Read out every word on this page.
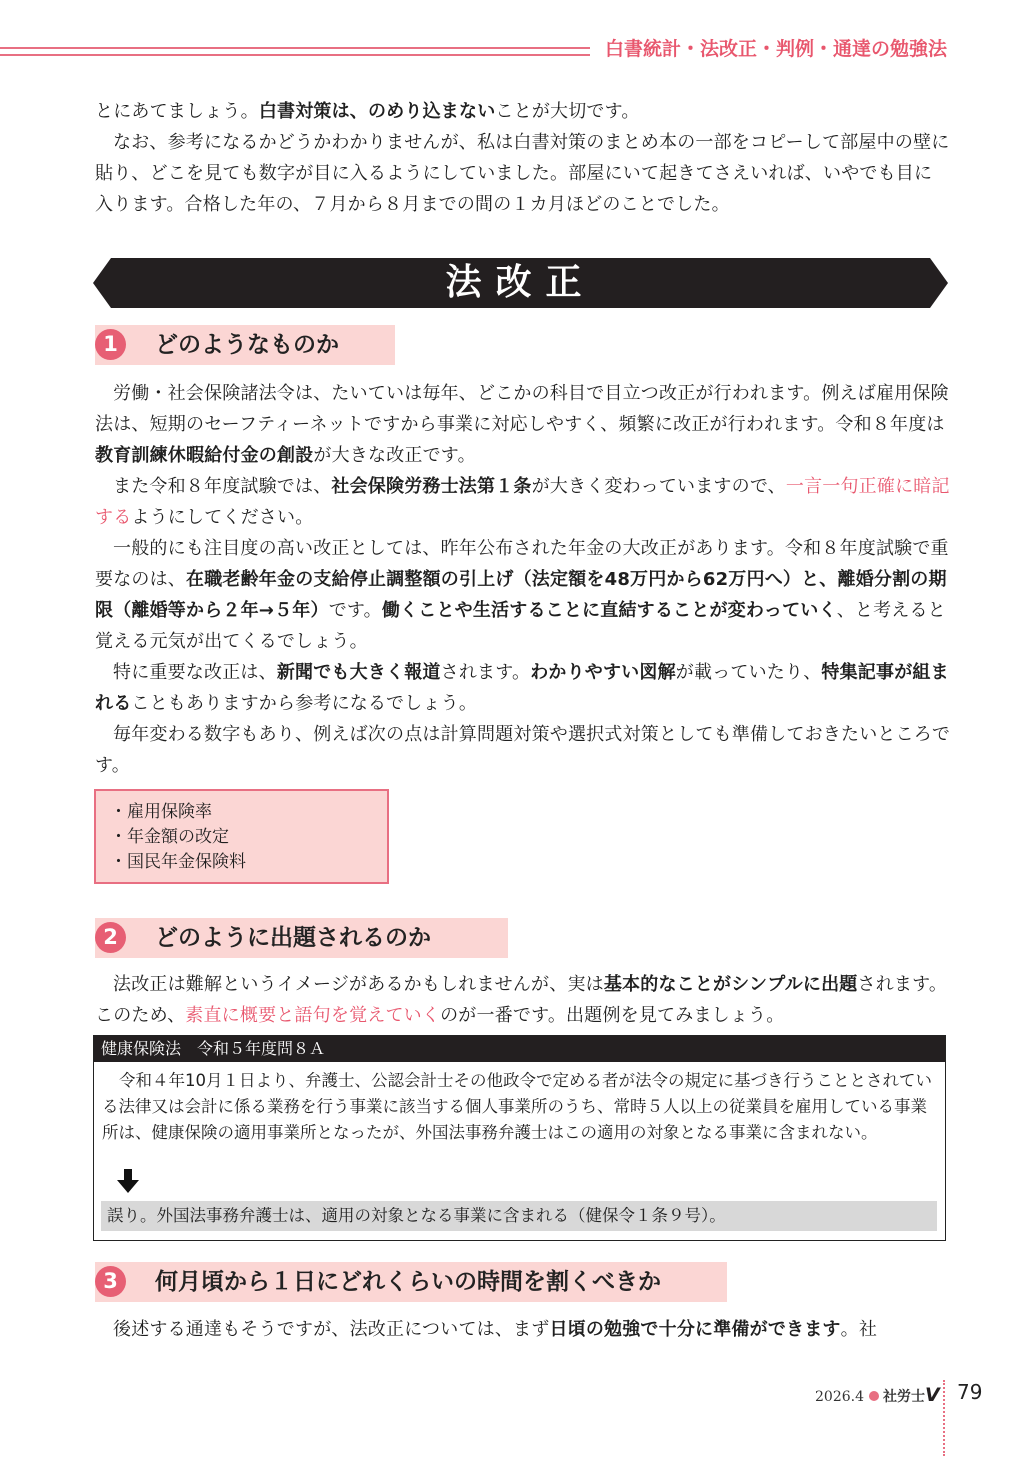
白書統計・法改正・判例・通達の勉強法
とにあてましょう。白書対策は、のめり込まないことが大切です。
なお、参考になるかどうかわかりませんが、私は白書対策のまとめ本の一部をコピーして部屋中の壁に貼り、どこを見ても数字が目に入るようにしていました。部屋にいて起きてさえいれば、いやでも目に入ります。合格した年の、７月から８月までの間の１カ月ほどのことでした。
法改正
1	どのようなものか
労働・社会保険諸法令は、たいていは毎年、どこかの科目で目立つ改正が行われます。例えば雇用保険法は、短期のセーフティーネットですから事業に対応しやすく、頻繁に改正が行われます。令和８年度は教育訓練休暇給付金の創設が大きな改正です。
また令和８年度試験では、社会保険労務士法第１条が大きく変わっていますので、一言一句正確に暗記するようにしてください。
一般的にも注目度の高い改正としては、昨年公布された年金の大改正があります。令和８年度試験で重要なのは、在職老齢年金の支給停止調整額の引上げ（法定額を48万円から62万円へ）と、離婚分割の期限（離婚等から２年→５年）です。働くことや生活することに直結することが変わっていく、と考えると覚える元気が出てくるでしょう。
特に重要な改正は、新聞でも大きく報道されます。わかりやすい図解が載っていたり、特集記事が組まれることもありますから参考になるでしょう。
毎年変わる数字もあり、例えば次の点は計算問題対策や選択式対策としても準備しておきたいところです。
・雇用保険率
・年金額の改定
・国民年金保険料
2	どのように出題されるのか
法改正は難解というイメージがあるかもしれませんが、実は基本的なことがシンプルに出題されます。このため、素直に概要と語句を覚えていくのが一番です。出題例を見てみましょう。
健康保険法　令和５年度問８Ａ
令和４年10月１日より、弁護士、公認会計士その他政令で定める者が法令の規定に基づき行うこととされている法律又は会計に係る業務を行う事業に該当する個人事業所のうち、常時５人以上の従業員を雇用している事業所は、健康保険の適用事業所となったが、外国法事務弁護士はこの適用の対象となる事業に含まれない。
誤り。外国法事務弁護士は、適用の対象となる事業に含まれる（健保令１条９号）。
3	何月頃から１日にどれくらいの時間を割くべきか
後述する通達もそうですが、法改正については、まず日頃の勉強で十分に準備ができます。社
2026.4 社労士V 79
